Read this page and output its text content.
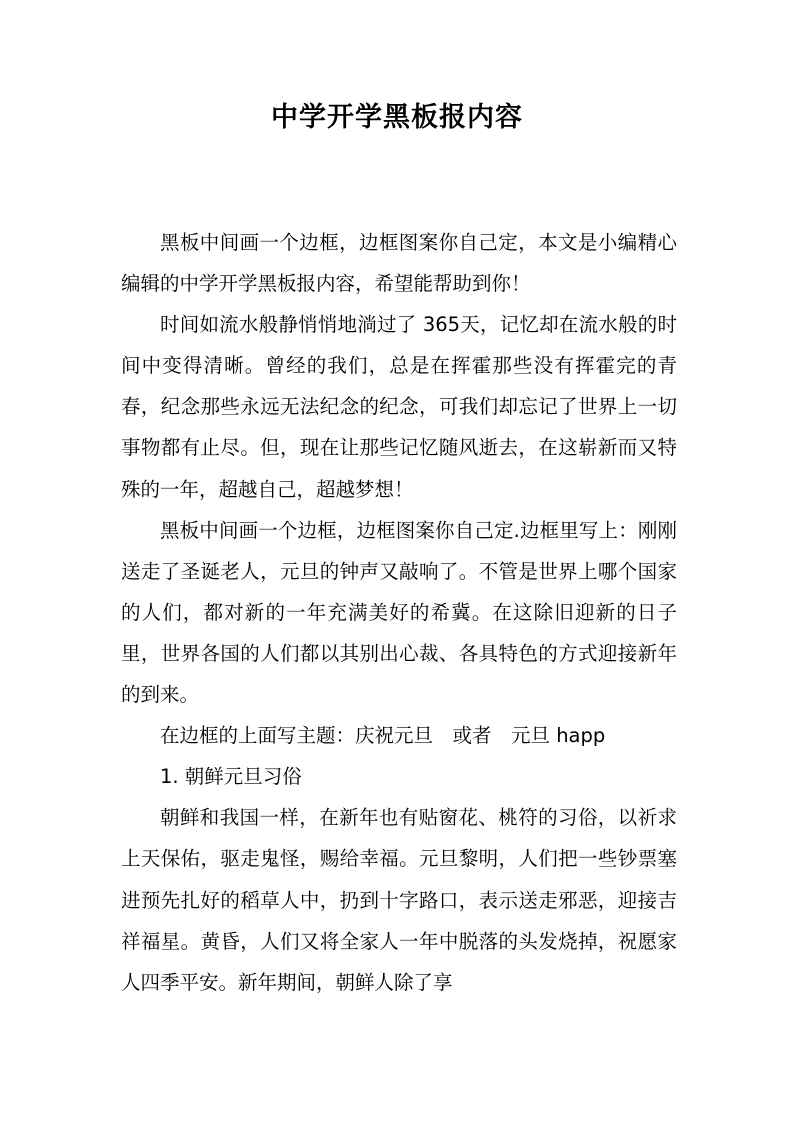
中学开学黑板报内容

黑板中间画一个边框，边框图案你自己定，本文是小编精心编辑的中学开学黑板报内容，希望能帮助到你！

时间如流水般静悄悄地淌过了 365天，记忆却在流水般的时间中变得清晰。曾经的我们，总是在挥霍那些没有挥霍完的青春，纪念那些永远无法纪念的纪念，可我们却忘记了世界上一切事物都有止尽。但，现在让那些记忆随风逝去，在这崭新而又特殊的一年，超越自己，超越梦想！

黑板中间画一个边框，边框图案你自己定.边框里写上：刚刚送走了圣诞老人，元旦的钟声又敲响了。不管是世界上哪个国家的人们，都对新的一年充满美好的希冀。在这除旧迎新的日子里，世界各国的人们都以其别出心裁、各具特色的方式迎接新年的到来。

在边框的上面写主题：庆祝元旦　或者　元旦 happ

1. 朝鲜元旦习俗

朝鲜和我国一样，在新年也有贴窗花、桃符的习俗，以祈求上天保佑，驱走鬼怪，赐给幸福。元旦黎明，人们把一些钞票塞进预先扎好的稻草人中，扔到十字路口，表示送走邪恶，迎接吉祥福星。黄昏，人们又将全家人一年中脱落的头发烧掉，祝愿家人四季平安。新年期间，朝鲜人除了享
